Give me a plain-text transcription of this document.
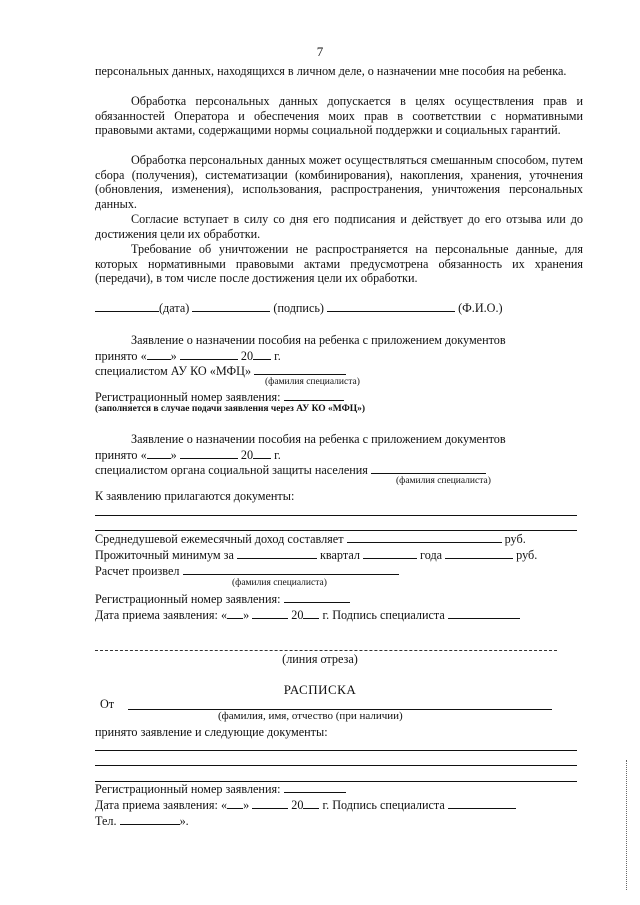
7

персональных данных, находящихся в личном деле, о назначении мне пособия на ребенка.

Обработка персональных данных допускается в целях осуществления прав и обязанностей Оператора и обеспечения моих прав в соответствии с нормативными правовыми актами, содержащими нормы социальной поддержки и социальных гарантий.

Обработка персональных данных может осуществляться смешанным способом, путем сбора (получения), систематизации (комбинирования), накопления, хранения, уточнения (обновления, изменения), использования, распространения, уничтожения персональных данных.

Согласие вступает в силу со дня его подписания и действует до его отзыва или до достижения цели их обработки.

Требование об уничтожении не распространяется на персональные данные, для которых нормативными правовыми актами предусмотрена обязанность их хранения (передачи), в том числе после достижения цели их обработки.

(дата)	(подпись)	(Ф.И.О.)

Заявление о назначении пособия на ребенка с приложением документов

принято « »	20 г.
специалистом АУ КО «МФЦ»
(фамилия специалиста)
Регистрационный номер заявления:
(заполняется в случае подачи заявления через АУ КО «МФЦ»)

Заявление о назначении пособия на ребенка с приложением документов

принято « »	20 г.
специалистом органа социальной защиты населения
(фамилия специалиста)
К заявлению прилагаются документы:
Среднедушевой ежемесячный доход составляет	руб.
Прожиточный минимум за	квартал	года	руб.
Расчет произвел
(фамилия специалиста)
Регистрационный номер заявления:
Дата приема заявления: « »	20 г. Подпись специалиста
(линия отреза)
РАСПИСКА
От
(фамилия, имя, отчество (при наличии)
принято заявление и следующие документы:
Регистрационный номер заявления:
Дата приема заявления: « »	20 г. Подпись специалиста
Тел.	».
